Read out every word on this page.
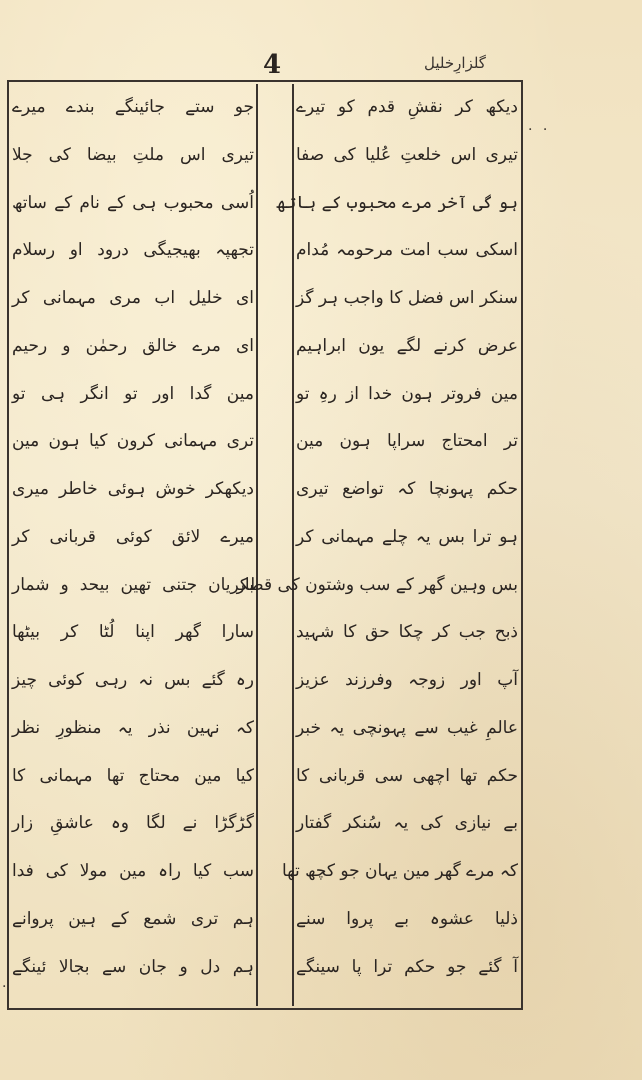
4	گلزارِخلیل
. .
.
دیکھ کر نقشِ قدم کو تیرے
تیری اس خلعتِ عُلیا کی صفا
ہو گی آخر مرے محبوب کے ہاتھ
اسکی سب امت مرحومہ مُدام
سنکر اس فضل کا واجب ہر گز
عرض کرنے لگے یون ابراہیم
مین فروتر ہون خدا از رہِ تو
تر امحتاج سراپا ہون مین
حکم پہونچا کہ تواضع تیری
ہو ترا بس یہ چلے مہمانی کر
بس وہین گھر کے سب وشتون کی قطار
ذبح جب کر چکا حق کا شہید
آپ اور زوجہ وفرزند عزیز
عالمِ غیب سے پہونچی یہ خبر
حکم تھا اچھی سی قربانی کا
بے نیازی کی یہ سُنکر گفتار
کہ مرے گھر مین یہان جو کچھ تھا
ذلیا عشوہ بے پروا سنے
آ گئے جو حکم ترا پا سینگے
جو ستے جائینگے بندے میرے
تیری اس ملتِ بیضا کی جلا
اُسی محبوب ہی کے نام کے ساتھ
تجھپہ بھیجیگی درود او رسلام
ای خلیل اب مری مہمانی کر
ای مرے خالق رحمٰن و رحیم
مین گدا اور تو انگر ہی تو
تری مہمانی کرون کیا ہون مین
دیکھکر خوش ہوئی خاطر میری
میرے لائق کوئی قربانی کر
بکریان جتنی تھین بیحد و شمار
سارا گھر اپنا لُٹا کر بیٹھا
رہ گئے بس نہ رہی کوئی چیز
کہ نہین نذر یہ منظورِ نظر
کیا مین محتاج تھا مہمانی کا
گڑگڑا نے لگا وہ عاشقِ زار
سب کیا راہ مین مولا کی فدا
ہم تری شمع کے ہین پروانے
ہم دل و جان سے بجالا ئینگے
